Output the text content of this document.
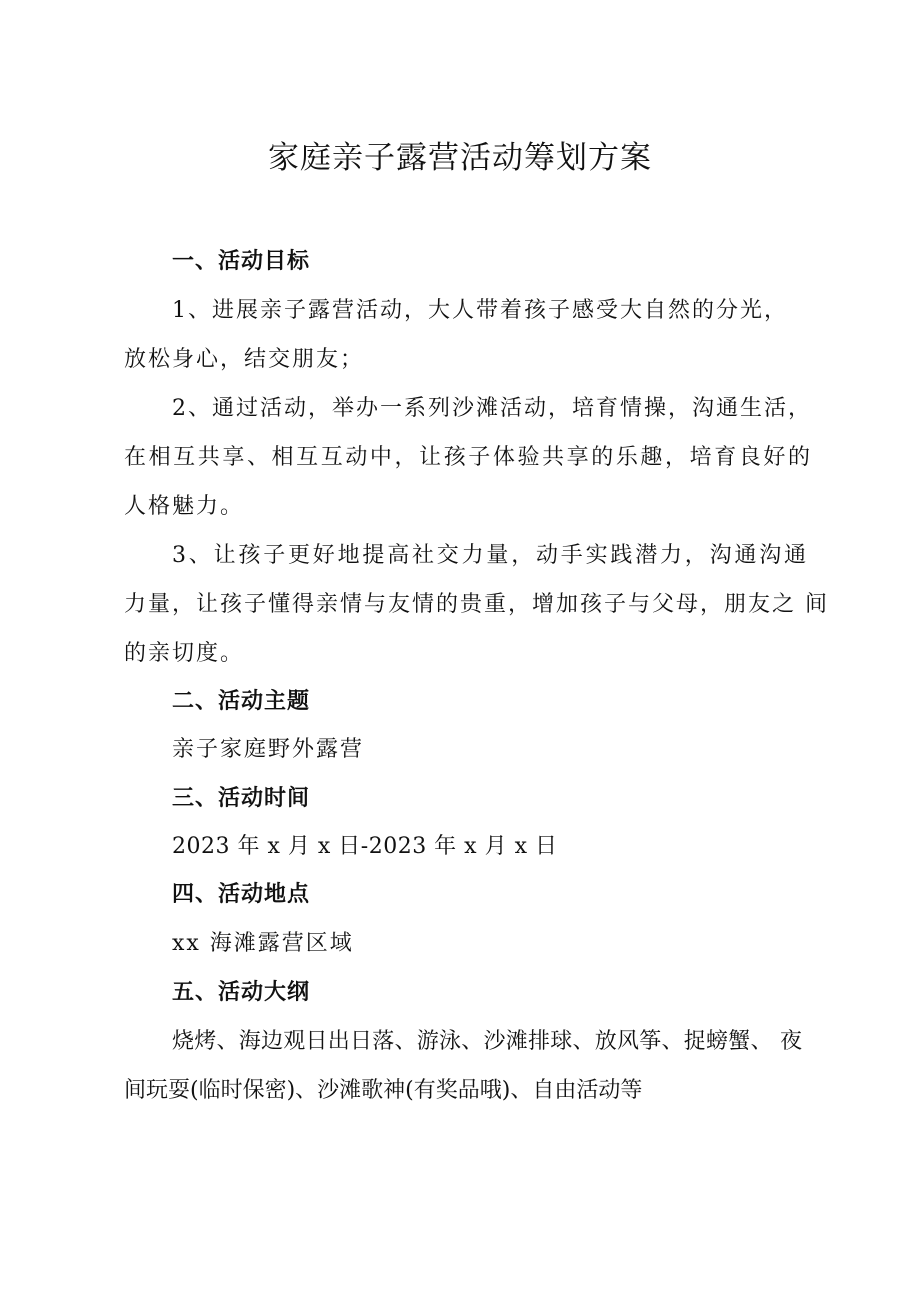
家庭亲子露营活动筹划方案
一、活动目标
1、进展亲子露营活动，大人带着孩子感受大自然的分光，
放松身心，结交朋友；
2、通过活动，举办一系列沙滩活动，培育情操，沟通生活，
在相互共享、相互互动中，让孩子体验共享的乐趣，培育良好的
人格魅力。
3、让孩子更好地提高社交力量，动手实践潜力，沟通沟通
力量，让孩子懂得亲情与友情的贵重，增加孩子与父母，朋友之 间
的亲切度。
二、活动主题
亲子家庭野外露营
三、活动时间
2023 年 x 月 x 日-2023 年 x 月 x 日
四、活动地点
xx 海滩露营区域
五、活动大纲
烧烤、海边观日出日落、游泳、沙滩排球、放风筝、捉螃蟹、 夜
间玩耍(临时保密)、沙滩歌神(有奖品哦)、自由活动等
